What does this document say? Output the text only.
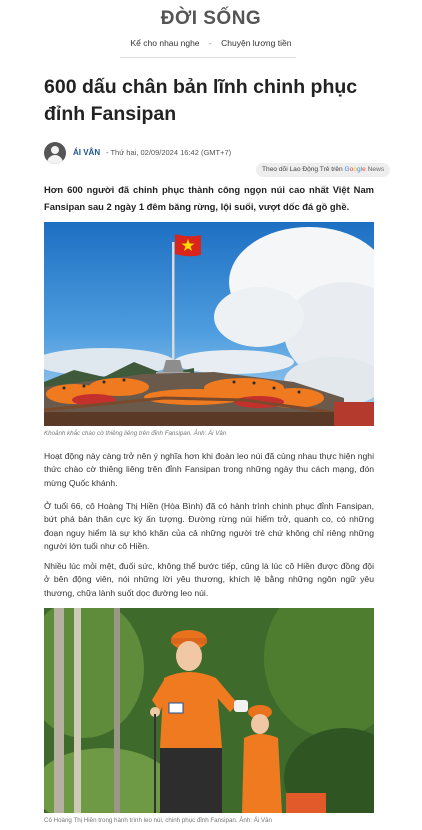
ĐỜI SỐNG
Kể cho nhau nghe - Chuyện lương tiền
600 dấu chân bản lĩnh chinh phục đỉnh Fansipan
ÁI VÂN - Thứ hai, 02/09/2024 16:42 (GMT+7)
Theo dõi Lao Động Trẻ trên Google News

Hơn 600 người đã chinh phục thành công ngọn núi cao nhất Việt Nam Fansipan sau 2 ngày 1 đêm băng rừng, lội suối, vượt dốc đá gồ ghề.

Khoảnh khắc chào cờ thiêng liêng trên đỉnh Fansipan. Ảnh: Ái Vân

Hoạt động này càng trở nên ý nghĩa hơn khi đoàn leo núi đã cùng nhau thực hiện nghi thức chào cờ thiêng liêng trên đỉnh Fansipan trong những ngày thu cách mạng, đón mừng Quốc khánh.

Ở tuổi 66, cô Hoàng Thị Hiền (Hòa Bình) đã có hành trình chinh phục đỉnh Fansipan, bứt phá bản thân cực kỳ ấn tượng. Đường rừng núi hiểm trở, quanh co, có những đoạn nguy hiểm là sự khó khăn của cả những người trẻ chứ không chỉ riêng những người lớn tuổi như cô Hiền.

Nhiều lúc mỏi mệt, đuối sức, không thể bước tiếp, cũng là lúc cô Hiền được đồng đội ở bên động viên, nói những lời yêu thương, khích lệ bằng những ngôn ngữ yêu thương, chữa lành suốt dọc đường leo núi.

Cô Hoàng Thị Hiền trong hành trình leo núi, chinh phục đỉnh Fansipan. Ảnh: Ái Vân
